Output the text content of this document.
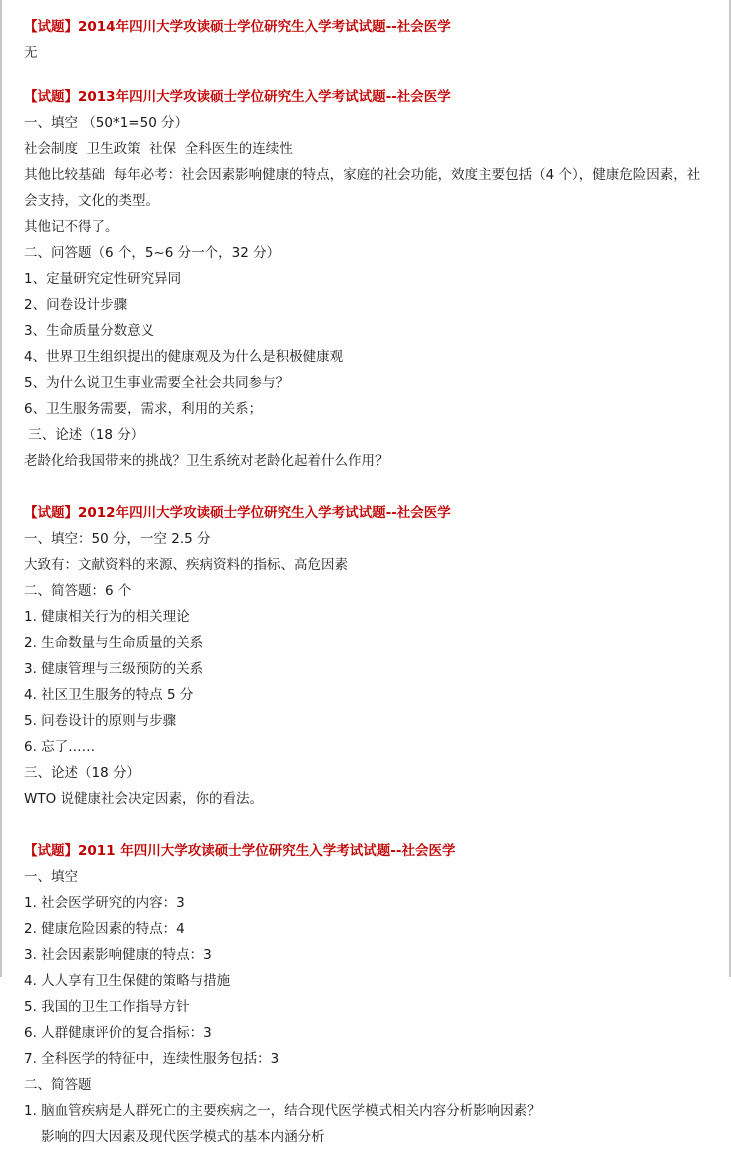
【试题】2014年四川大学攻读硕士学位研究生入学考试试题--社会医学
无
【试题】2013年四川大学攻读硕士学位研究生入学考试试题--社会医学
一、填空 （50*1=50 分）
社会制度  卫生政策  社保  全科医生的连续性
其他比较基础  每年必考：社会因素影响健康的特点，家庭的社会功能，效度主要包括（4 个），健康危险因素，社会支持，文化的类型。
其他记不得了。
二、问答题（6 个，5~6 分一个，32 分）
1、定量研究定性研究异同
2、问卷设计步骤
3、生命质量分数意义
4、世界卫生组织提出的健康观及为什么是积极健康观
5、为什么说卫生事业需要全社会共同参与？
6、卫生服务需要，需求，利用的关系；
三、论述（18 分）
老龄化给我国带来的挑战？卫生系统对老龄化起着什么作用？
【试题】2012年四川大学攻读硕士学位研究生入学考试试题--社会医学
一、填空：50 分，一空 2.5 分
大致有：文献资料的来源、疾病资料的指标、高危因素
二、简答题：6 个
1. 健康相关行为的相关理论
2. 生命数量与生命质量的关系
3. 健康管理与三级预防的关系
4. 社区卫生服务的特点 5 分
5. 问卷设计的原则与步骤
6. 忘了……
三、论述（18 分）
WTO 说健康社会决定因素，你的看法。
【试题】2011 年四川大学攻读硕士学位研究生入学考试试题--社会医学
一、填空
1. 社会医学研究的内容：3
2. 健康危险因素的特点：4
3. 社会因素影响健康的特点：3
4. 人人享有卫生保健的策略与措施
5. 我国的卫生工作指导方针
6. 人群健康评价的复合指标：3
7. 全科医学的特征中，连续性服务包括：3
二、简答题
1. 脑血管疾病是人群死亡的主要疾病之一，结合现代医学模式相关内容分析影响因素？
影响的四大因素及现代医学模式的基本内涵分析
